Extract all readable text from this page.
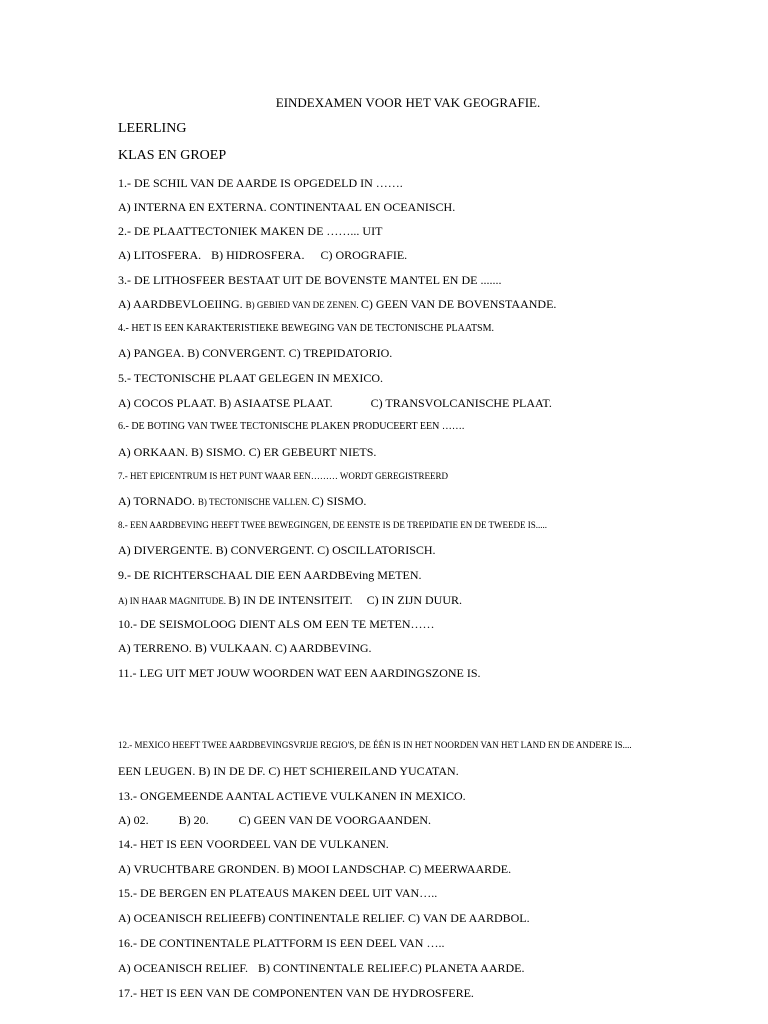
EINDEXAMEN VOOR HET VAK GEOGRAFIE.
LEERLING
KLAS EN GROEP
1.- DE SCHIL VAN DE AARDE IS OPGEDELD IN …….
A) INTERNA EN EXTERNA. CONTINENTAAL EN OCEANISCH.
2.- DE PLAATTECTONIEK MAKEN DE ……... UIT
A) LITOSFERA. B) HIDROSFERA. C) OROGRAFIE.
3.- DE LITHOSFEER BESTAAT UIT DE BOVENSTE MANTEL EN DE .......
A) AARDBEVLOEIING. B) GEBIED VAN DE ZENEN. C) GEEN VAN DE BOVENSTAANDE.
4.- HET IS EEN KARAKTERISTIEKE BEWEGING VAN DE TECTONISCHE PLAATSM.
A) PANGEA. B) CONVERGENT. C) TREPIDATORIO.
5.- TECTONISCHE PLAAT GELEGEN IN MEXICO.
A) COCOS PLAAT. B) ASIAATSE PLAAT.	C) TRANSVOLCANISCHE PLAAT.
6.- DE BOTING VAN TWEE TECTONISCHE PLAKEN PRODUCEERT EEN …….
A) ORKAAN. B) SISMO. C) ER GEBEURT NIETS.
7.- HET EPICENTRUM IS HET PUNT WAAR EEN……… WORDT GEREGISTREERD
A) TORNADO. B) TECTONISCHE VALLEN. C) SISMO.
8.- EEN AARDBEVING HEEFT TWEE BEWEGINGEN, DE EENSTE IS DE TREPIDATIE EN DE TWEEDE IS.....
A) DIVERGENTE. B) CONVERGENT. C) OSCILLATORISCH.
9.- DE RICHTERSCHAAL DIE EEN AARDBEving METEN.
A) IN HAAR MAGNITUDE. B) IN DE INTENSITEIT. C) IN ZIJN DUUR.
10.- DE SEISMOLOOG DIENT ALS OM EEN TE METEN……
A) TERRENO. B) VULKAAN. C) AARDBEVING.
11.- LEG UIT MET JOUW WOORDEN WAT EEN AARDINGSZONE IS.
12.- MEXICO HEEFT TWEE AARDBEVINGSVRIJE REGIO'S, DE ÉÉN IS IN HET NOORDEN VAN HET LAND EN DE ANDERE IS....
EEN LEUGEN. B) IN DE DF. C) HET SCHIEREILAND YUCATAN.
13.- ONGEMEENDE AANTAL ACTIEVE VULKANEN IN MEXICO.
A) 02.	B) 20.	C) GEEN VAN DE VOORGAANDEN.
14.- HET IS EEN VOORDEEL VAN DE VULKANEN.
A) VRUCHTBARE GRONDEN. B) MOOI LANDSCHAP. C) MEERWAARDE.
15.- DE BERGEN EN PLATEAUS MAKEN DEEL UIT VAN…..
A) OCEANISCH RELIEEFB) CONTINENTALE RELIEF. C) VAN DE AARDBOL.
16.- DE CONTINENTALE PLATTFORM IS EEN DEEL VAN …..
A) OCEANISCH RELIEF. B) CONTINENTALE RELIEF.C) PLANETA AARDE.
17.- HET IS EEN VAN DE COMPONENTEN VAN DE HYDROSFERE.
